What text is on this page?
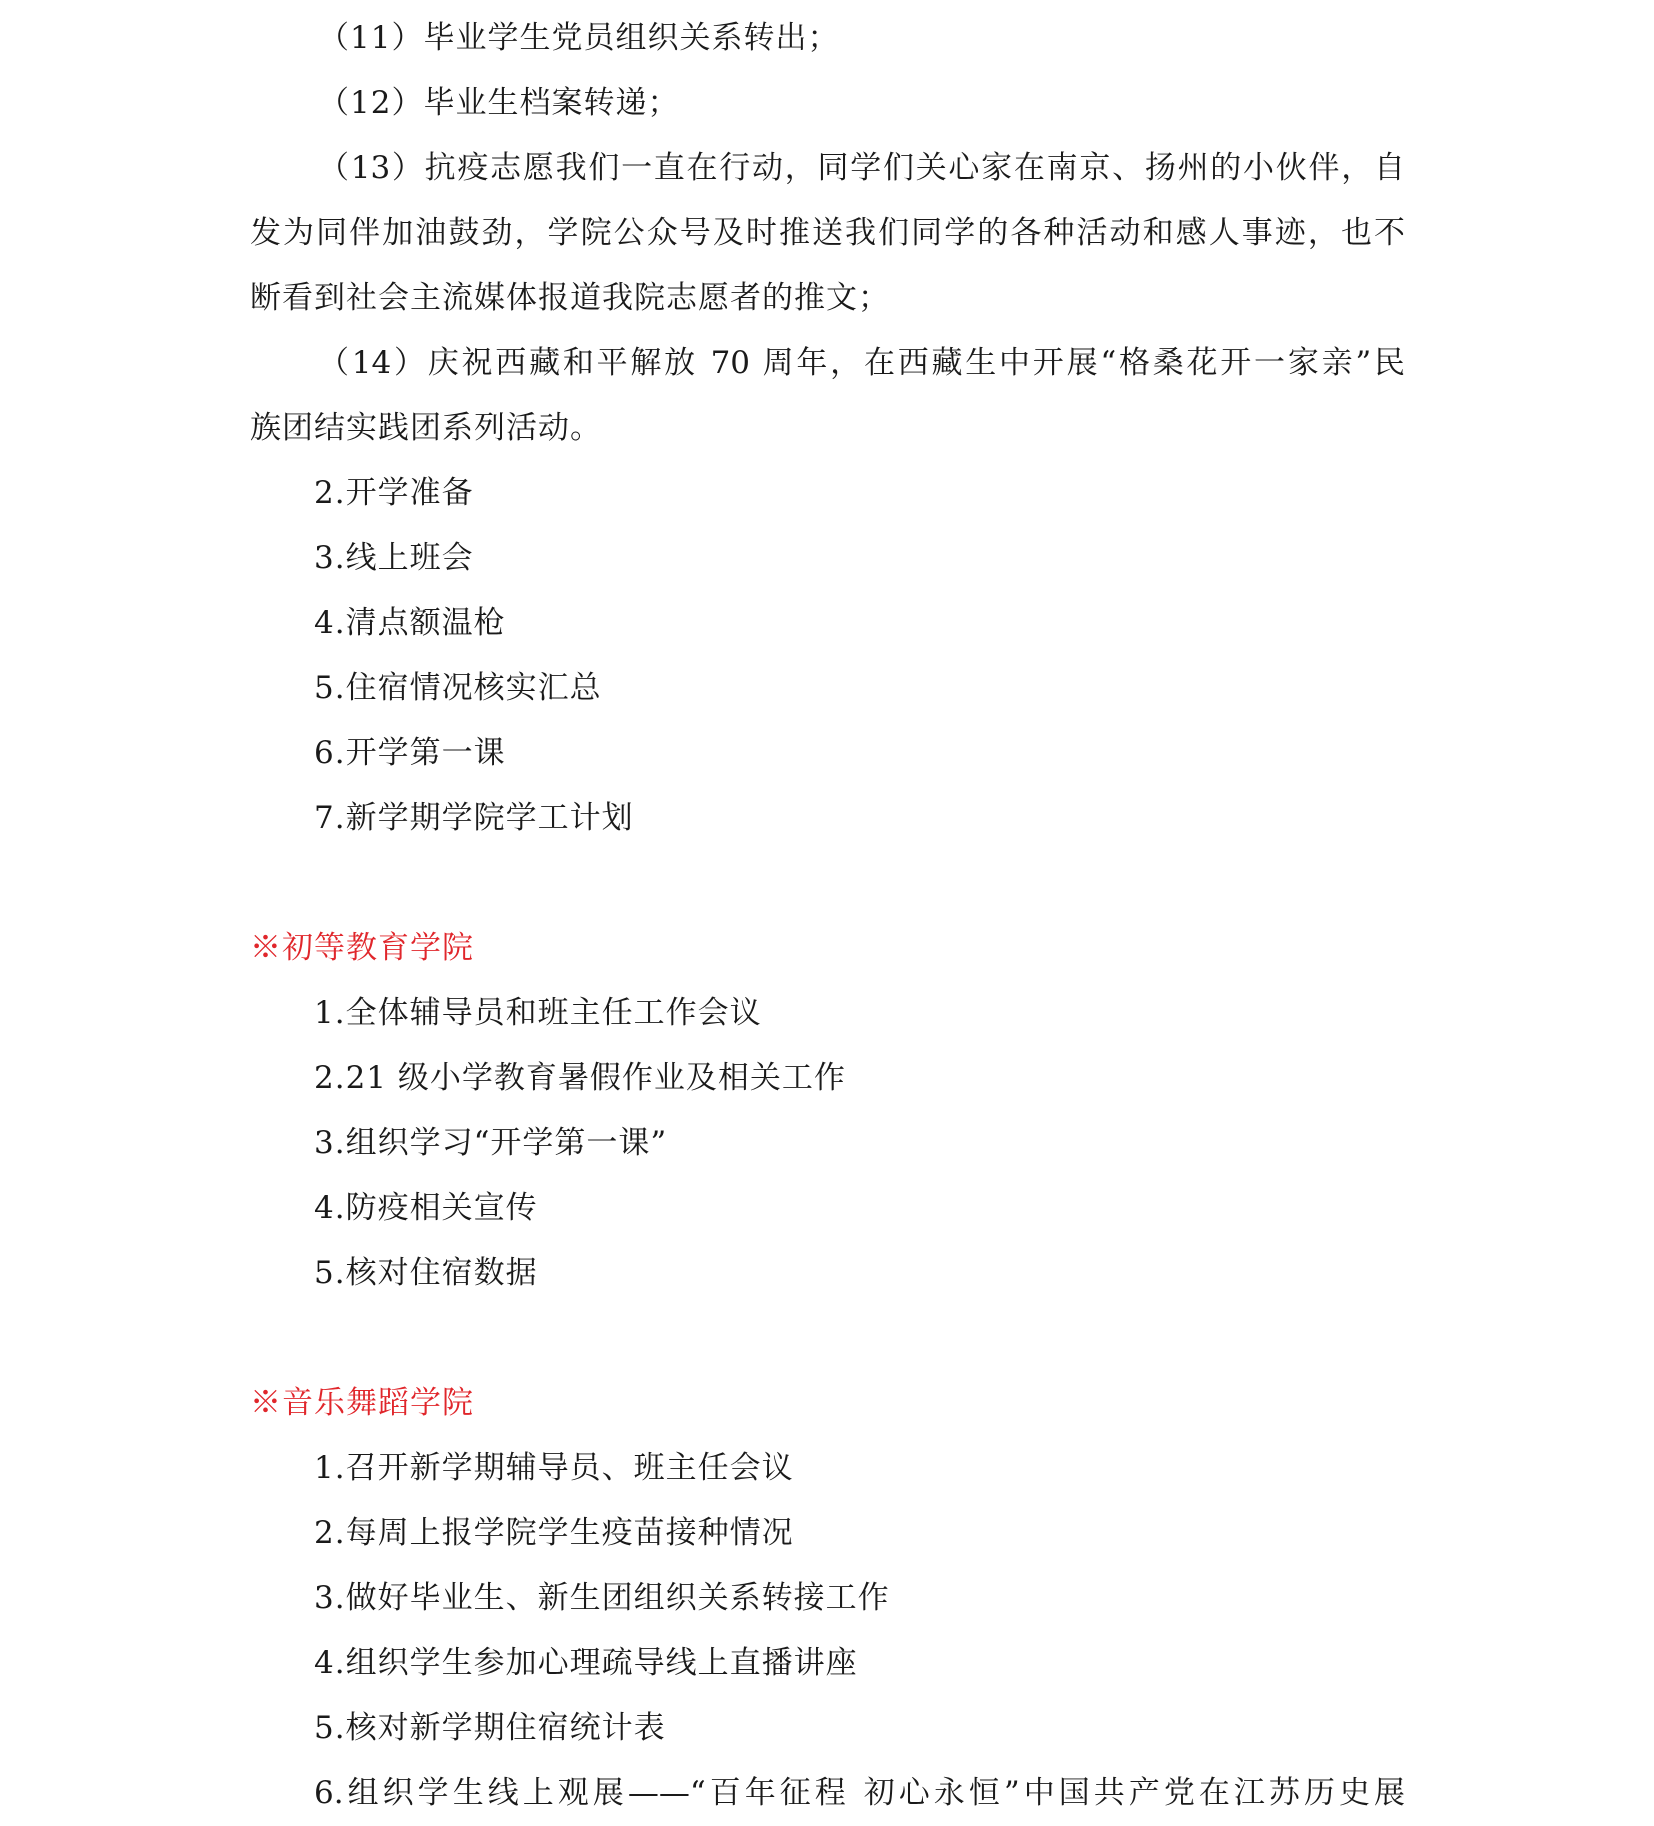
（11）毕业学生党员组织关系转出；
（12）毕业生档案转递；
（13）抗疫志愿我们一直在行动，同学们关心家在南京、扬州的小伙伴，自
发为同伴加油鼓劲，学院公众号及时推送我们同学的各种活动和感人事迹，也不
断看到社会主流媒体报道我院志愿者的推文；
（14）庆祝西藏和平解放 70 周年，在西藏生中开展“格桑花开一家亲”民
族团结实践团系列活动。
2.开学准备
3.线上班会
4.清点额温枪
5.住宿情况核实汇总
6.开学第一课
7.新学期学院学工计划
※初等教育学院
1.全体辅导员和班主任工作会议
2.21 级小学教育暑假作业及相关工作
3.组织学习“开学第一课”
4.防疫相关宣传
5.核对住宿数据
※音乐舞蹈学院
1.召开新学期辅导员、班主任会议
2.每周上报学院学生疫苗接种情况
3.做好毕业生、新生团组织关系转接工作
4.组织学生参加心理疏导线上直播讲座
5.核对新学期住宿统计表
6.组织学生线上观展——“百年征程 初心永恒”中国共产党在江苏历史展
